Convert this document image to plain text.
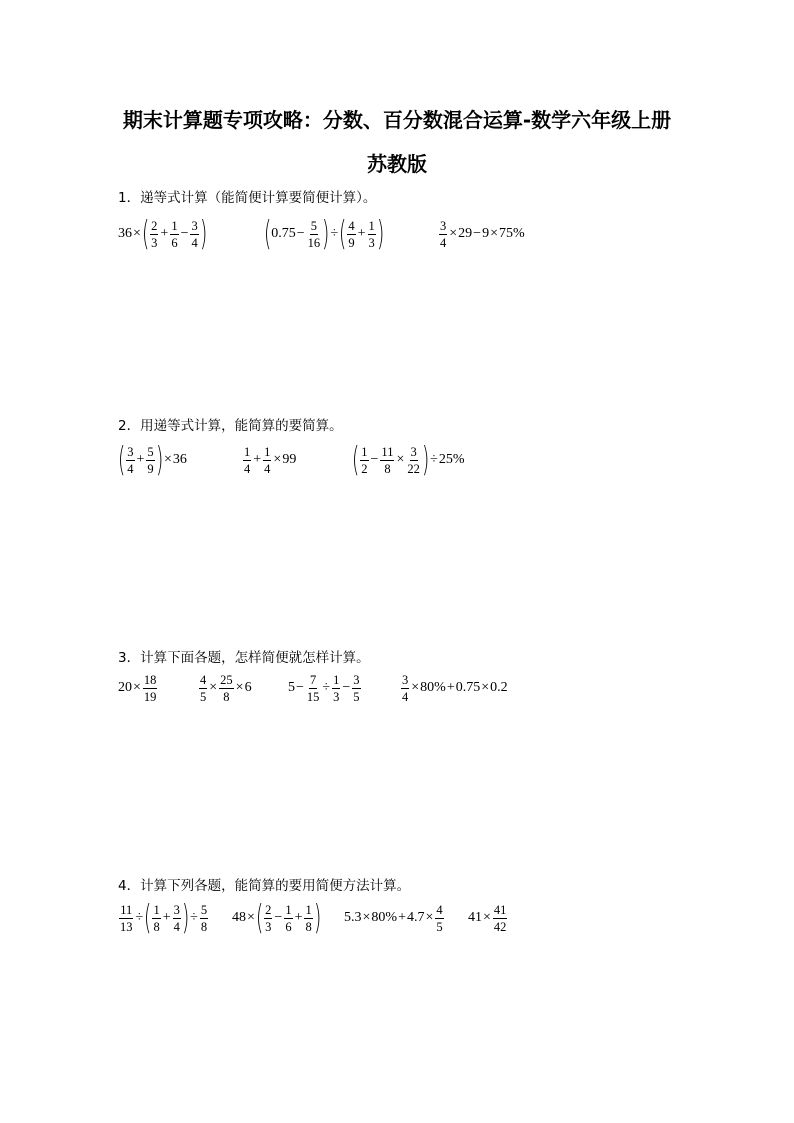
期末计算题专项攻略：分数、百分数混合运算-数学六年级上册
苏教版
1．递等式计算（能简便计算要简便计算）。
36 × ( $\frac{2}{3} + \frac{1}{6} - \frac{3}{4}$ ) ( $0.75 - \frac{5}{16}$ ) ÷ ( $\frac{4}{9} + \frac{1}{3}$ )	$\frac{3}{4} \times 29 - 9 \times 75\%$
2．用递等式计算，能简算的要简算。
( $\frac{3}{4} + \frac{5}{9}$ ) × 36	$\frac{1}{4} + \frac{1}{4} \times 99$ ( $\frac{1}{2} - \frac{11}{8} \times \frac{3}{22}$ ) ÷ 25%
3．计算下面各题，怎样简便就怎样计算。
$20 \times \frac{18}{19}$	$\frac{4}{5} \times \frac{25}{8} \times 6$	$5 - \frac{7}{15} \div \frac{1}{3} - \frac{3}{5}$	$\frac{3}{4} \times 80\% + 0.75 \times 0.2$
4．计算下列各题，能简算的要用简便方法计算。
$\frac{11}{13}$ ÷ ( $\frac{1}{8} + \frac{3}{4}$ ) ÷ $\frac{5}{8} 48$ × ( $\frac{2}{3} - \frac{1}{6} + \frac{1}{8}$ ) $5.3 \times 80\% + 4.7 \times \frac{4}{5} 41 \times \frac{41}{42}$
